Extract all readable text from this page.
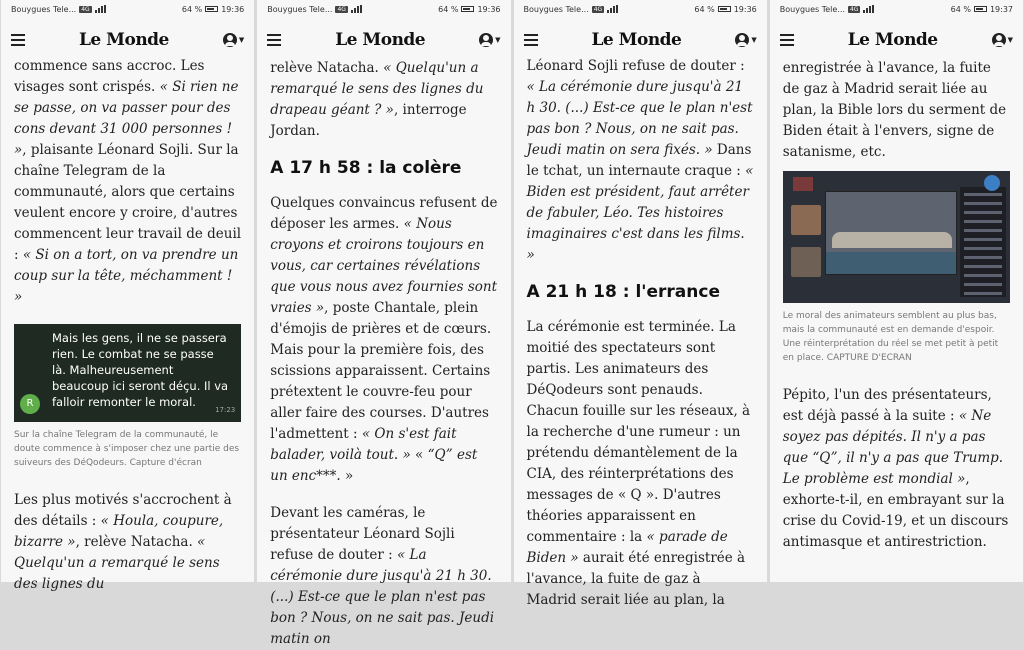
Bouygues Tele... 4G	64 % 19:36
Le Monde	▼

commence sans accroc. Les visages sont crispés. « Si rien ne se passe, on va passer pour des cons devant 31 000 personnes ! », plaisante Léonard Sojli. Sur la chaîne Telegram de la communauté, alors que certains veulent encore y croire, d'autres commencent leur travail de deuil : « Si on a tort, on va prendre un coup sur la tête, méchamment ! »

Mais les gens, il ne se passera rien. Le combat ne se passe là. Malheureusement beaucoup ici seront déçu. Il va falloir remonter le moral.
R
17:23
Sur la chaîne Telegram de la communauté, le doute commence à s'imposer chez une partie des suiveurs des DéQodeurs. Capture d'écran

Les plus motivés s'accrochent à des détails : « Houla, coupure, bizarre », relève Natacha. « Quelqu'un a remarqué le sens des lignes du

Bouygues Tele... 4G	64 % 19:36
Le Monde	▼

relève Natacha. « Quelqu'un a remarqué le sens des lignes du drapeau géant ? », interroge Jordan.

A 17 h 58 : la colère

Quelques convaincus refusent de déposer les armes. « Nous croyons et croirons toujours en vous, car certaines révélations que vous nous avez fournies sont vraies », poste Chantale, plein d'émojis de prières et de cœurs. Mais pour la première fois, des scissions apparaissent. Certains prétextent le couvre-feu pour aller faire des courses. D'autres l'admettent : « On s'est fait balader, voilà tout. » « “Q” est un enc***. »

Devant les caméras, le présentateur Léonard Sojli refuse de douter : « La cérémonie dure jusqu'à 21 h 30. (...) Est-ce que le plan n'est pas bon ? Nous, on ne sait pas. Jeudi matin on

Bouygues Tele... 4G	64 % 19:36
Le Monde	▼

Léonard Sojli refuse de douter : « La cérémonie dure jusqu'à 21 h 30. (...) Est-ce que le plan n'est pas bon ? Nous, on ne sait pas. Jeudi matin on sera fixés. » Dans le tchat, un internaute craque : « Biden est président, faut arrêter de fabuler, Léo. Tes histoires imaginaires c'est dans les films. »

A 21 h 18 : l'errance

La cérémonie est terminée. La moitié des spectateurs sont partis. Les animateurs des DéQodeurs sont penauds. Chacun fouille sur les réseaux, à la recherche d'une rumeur : un prétendu démantèlement de la CIA, des réinterprétations des messages de « Q ». D'autres théories apparaissent en commentaire : la « parade de Biden » aurait été enregistrée à l'avance, la fuite de gaz à Madrid serait liée au plan, la

Bouygues Tele... 4G	64 % 19:37
Le Monde	▼

enregistrée à l'avance, la fuite de gaz à Madrid serait liée au plan, la Bible lors du serment de Biden était à l'envers, signe de satanisme, etc.

Le moral des animateurs semblent au plus bas, mais la communauté est en demande d'espoir. Une réinterprétation du réel se met petit à petit en place. CAPTURE D'ECRAN

Pépito, l'un des présentateurs, est déjà passé à la suite : « Ne soyez pas dépités. Il n'y a pas que “Q”, il n'y a pas que Trump. Le problème est mondial », exhorte-t-il, en embrayant sur la crise du Covid-19, et un discours antimasque et antirestriction.
